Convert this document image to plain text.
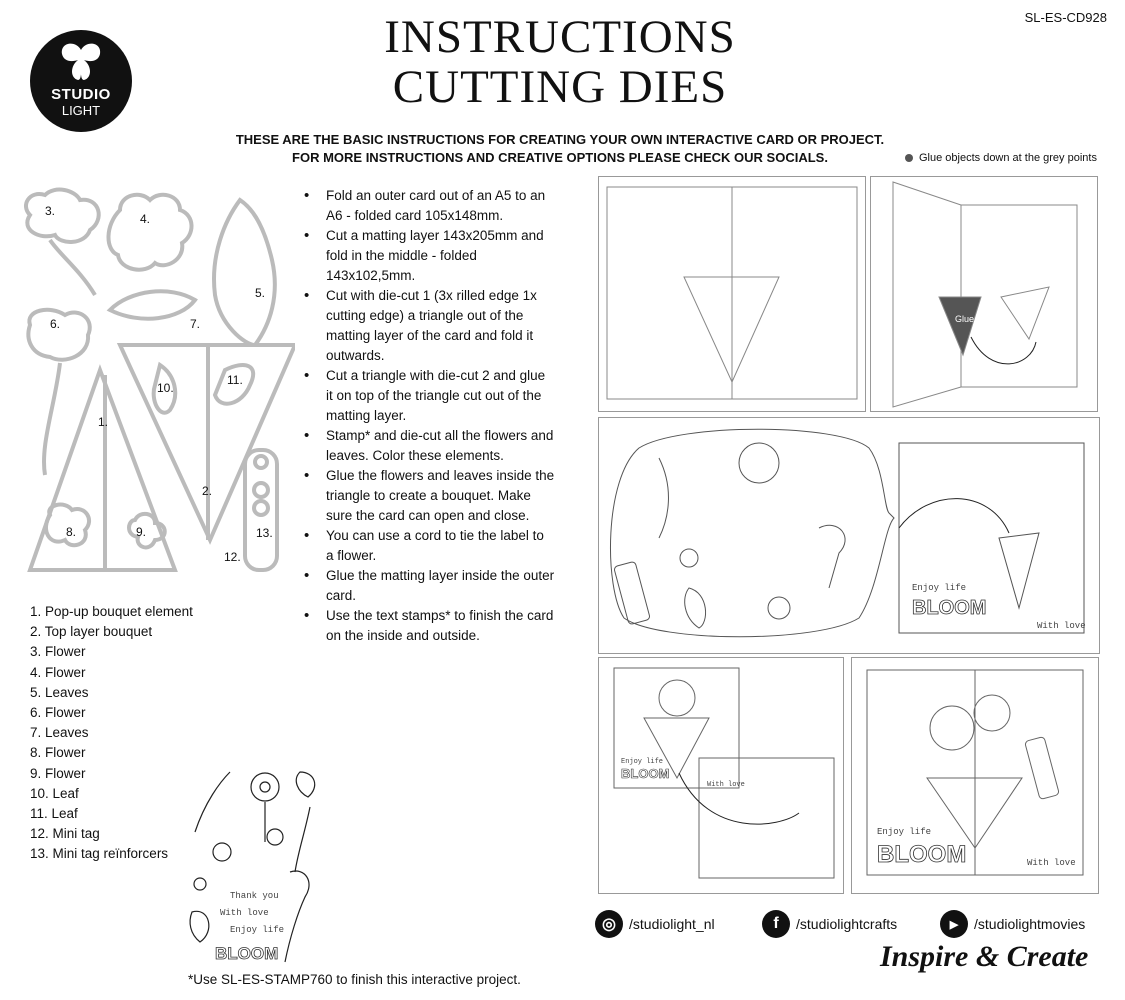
SL-ES-CD928
STUDIO
LIGHT
INSTRUCTIONS
CUTTING DIES
THESE ARE THE BASIC INSTRUCTIONS FOR CREATING YOUR OWN INTERACTIVE CARD OR PROJECT.
FOR MORE INSTRUCTIONS AND CREATIVE OPTIONS PLEASE CHECK OUR SOCIALS.	Glue objects down at the grey points
1.
2.
3.
4.
5.
6.	7.
8.	9.
10.
11.
12.
13.
• Fold an outer card out of an A5 to an A6 - folded card 105x148mm.
• Cut a matting layer 143x205mm and fold in the middle - folded 143x102,5mm.
• Cut with die-cut 1 (3x rilled edge 1x cutting edge) a triangle out of the matting layer of the card and fold it outwards.
• Cut a triangle with die-cut 2 and glue it on top of the triangle cut out of the matting layer.
• Stamp* and die-cut all the flowers and leaves. Color these elements.
• Glue the flowers and leaves inside the triangle to create a bouquet. Make sure the card can open and close.
• You can use a cord to tie the label to a flower.
• Glue the matting layer inside the outer card.
• Use the text stamps* to finish the card on the inside and outside.
1. Pop-up bouquet element
2. Top layer bouquet
3. Flower
4. Flower
5. Leaves
6. Flower
7. Leaves
8. Flower
9. Flower
10. Leaf
11. Leaf
12. Mini tag
13. Mini tag reïnforcers
Thank you
With love
Enjoy life
BLOOM
*Use SL-ES-STAMP760 to finish this interactive project.
Glue
Enjoy life
BLOOM
With love
Enjoy life
BLOOM
With love
Enjoy life
BLOOM	With love
◎ /studiolight_nl	f	/studiolightcrafts	▶	/studiolightmovies
Inspire & Create
